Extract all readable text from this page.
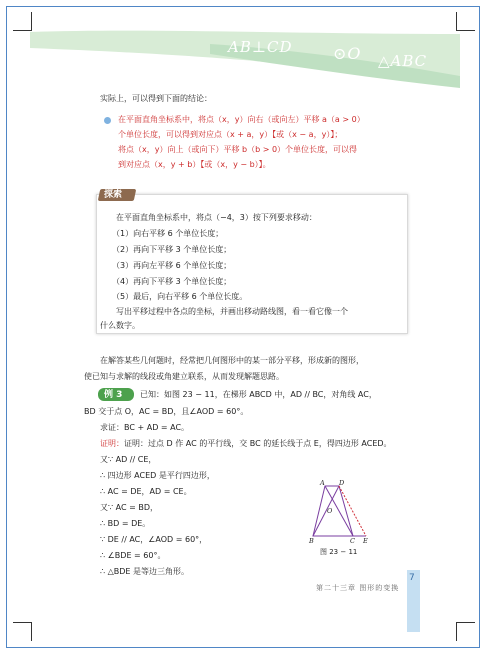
AB⊥CD	⊙O △ABC
实际上，可以得到下面的结论：
在平面直角坐标系中，将点（x，y）向右（或向左）平移 a（a > 0）
个单位长度，可以得到对应点（x + a，y）【或（x − a，y）】；
将点（x，y）向上（或向下）平移 b（b > 0）个单位长度，可以得
到对应点（x，y + b）【或（x，y − b）】。
探索
在平面直角坐标系中，将点（−4，3）按下列要求移动：
（1）向右平移 6 个单位长度；
（2）再向下平移 3 个单位长度；
（3）再向左平移 6 个单位长度；
（4）再向下平移 3 个单位长度；
（5）最后，向右平移 6 个单位长度。
写出平移过程中各点的坐标，并画出移动路线图，看一看它像一个
什么数字。
在解答某些几何题时，经常把几何图形中的某一部分平移，形成新的图形，
使已知与求解的线段或角建立联系，从而发现解题思路。
例 3 已知：如图 23 − 11，在梯形 ABCD 中，AD // BC，对角线 AC，
BD 交于点 O，AC = BD，且∠AOD = 60°。
求证：BC + AD = AC。
证明：证明：过点 D 作 AC 的平行线，交 BC 的延长线于点 E，得四边形 ACED。
又∵ AD // CE，
∴ 四边形 ACED 是平行四边形，
∴ AC = DE，AD = CE。
又∵ AC = BD，
∴ BD = DE。
∵ DE // AC，∠AOD = 60°，
∴ ∠BDE = 60°。
∴ △BDE 是等边三角形。
A D
O
B	C E
图 23 − 11
7
第二十三章 图形的变换
